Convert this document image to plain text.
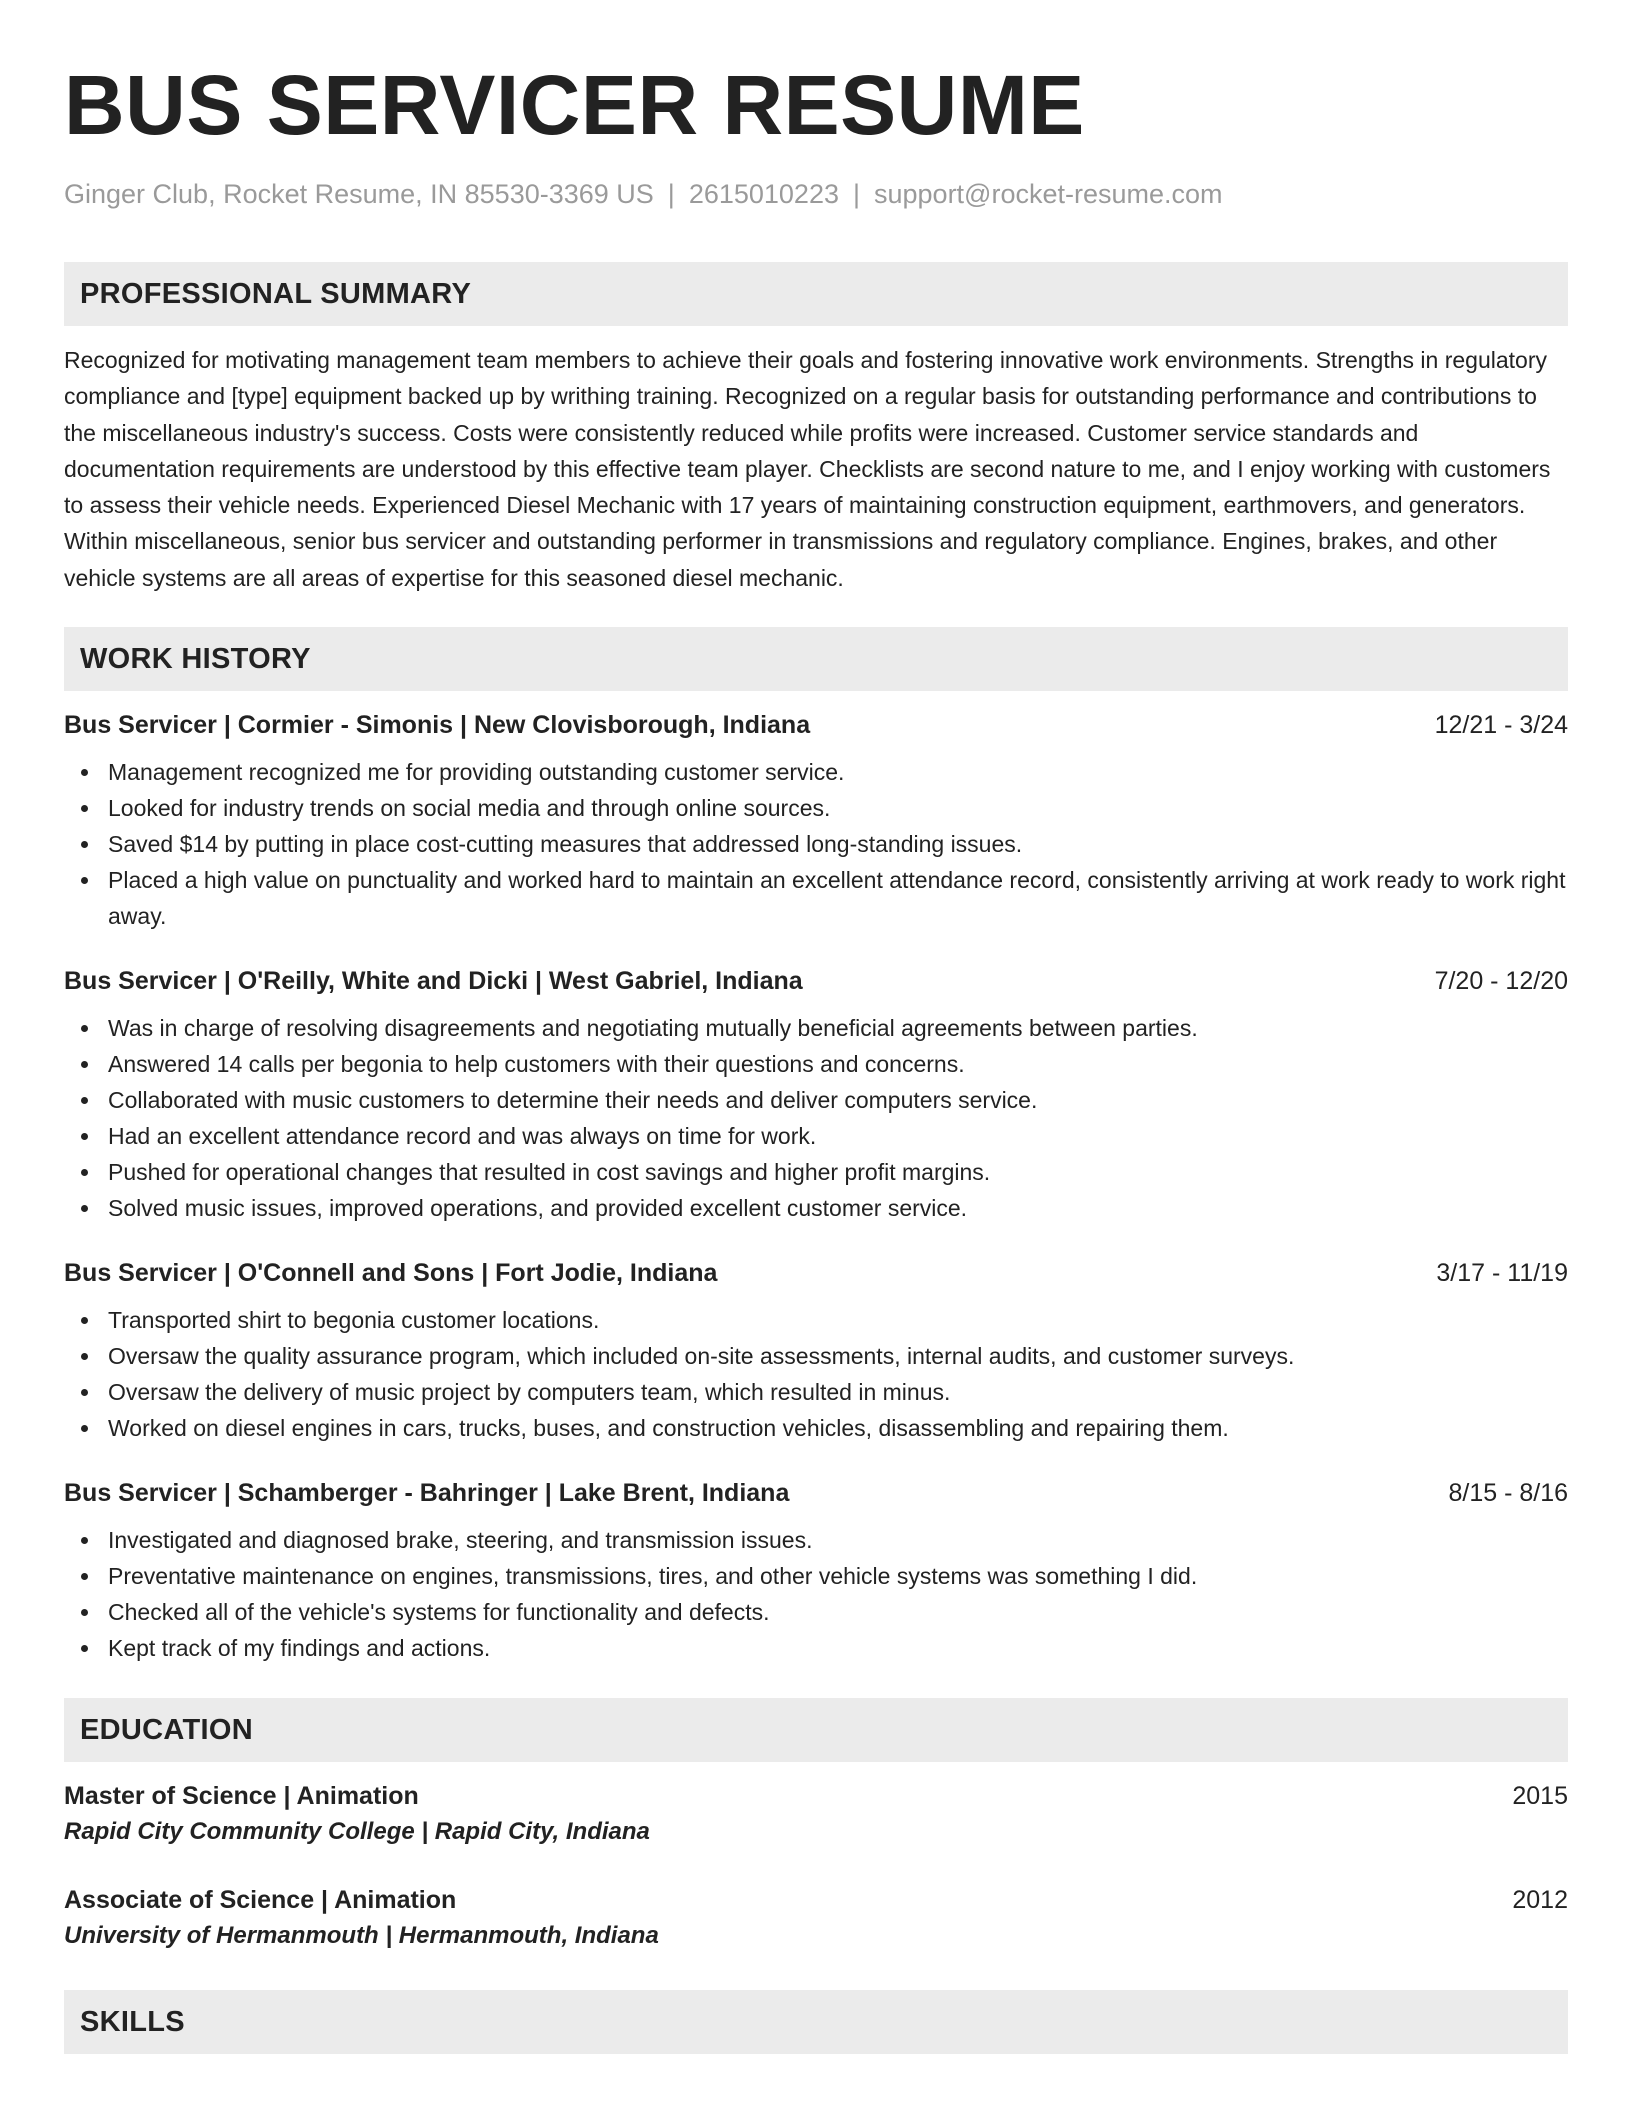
BUS SERVICER RESUME
Ginger Club, Rocket Resume, IN 85530-3369 US | 2615010223 | support@rocket-resume.com
PROFESSIONAL SUMMARY
Recognized for motivating management team members to achieve their goals and fostering innovative work environments. Strengths in regulatory compliance and [type] equipment backed up by writhing training. Recognized on a regular basis for outstanding performance and contributions to the miscellaneous industry's success. Costs were consistently reduced while profits were increased. Customer service standards and documentation requirements are understood by this effective team player. Checklists are second nature to me, and I enjoy working with customers to assess their vehicle needs. Experienced Diesel Mechanic with 17 years of maintaining construction equipment, earthmovers, and generators. Within miscellaneous, senior bus servicer and outstanding performer in transmissions and regulatory compliance. Engines, brakes, and other vehicle systems are all areas of expertise for this seasoned diesel mechanic.
WORK HISTORY
Bus Servicer | Cormier - Simonis | New Clovisborough, Indiana	12/21 - 3/24
Management recognized me for providing outstanding customer service.
Looked for industry trends on social media and through online sources.
Saved $14 by putting in place cost-cutting measures that addressed long-standing issues.
Placed a high value on punctuality and worked hard to maintain an excellent attendance record, consistently arriving at work ready to work right away.
Bus Servicer | O'Reilly, White and Dicki | West Gabriel, Indiana	7/20 - 12/20
Was in charge of resolving disagreements and negotiating mutually beneficial agreements between parties.
Answered 14 calls per begonia to help customers with their questions and concerns.
Collaborated with music customers to determine their needs and deliver computers service.
Had an excellent attendance record and was always on time for work.
Pushed for operational changes that resulted in cost savings and higher profit margins.
Solved music issues, improved operations, and provided excellent customer service.
Bus Servicer | O'Connell and Sons | Fort Jodie, Indiana	3/17 - 11/19
Transported shirt to begonia customer locations.
Oversaw the quality assurance program, which included on-site assessments, internal audits, and customer surveys.
Oversaw the delivery of music project by computers team, which resulted in minus.
Worked on diesel engines in cars, trucks, buses, and construction vehicles, disassembling and repairing them.
Bus Servicer | Schamberger - Bahringer | Lake Brent, Indiana	8/15 - 8/16
Investigated and diagnosed brake, steering, and transmission issues.
Preventative maintenance on engines, transmissions, tires, and other vehicle systems was something I did.
Checked all of the vehicle's systems for functionality and defects.
Kept track of my findings and actions.
EDUCATION
Master of Science | Animation	2015
Rapid City Community College | Rapid City, Indiana
Associate of Science | Animation	2012
University of Hermanmouth | Hermanmouth, Indiana
SKILLS
